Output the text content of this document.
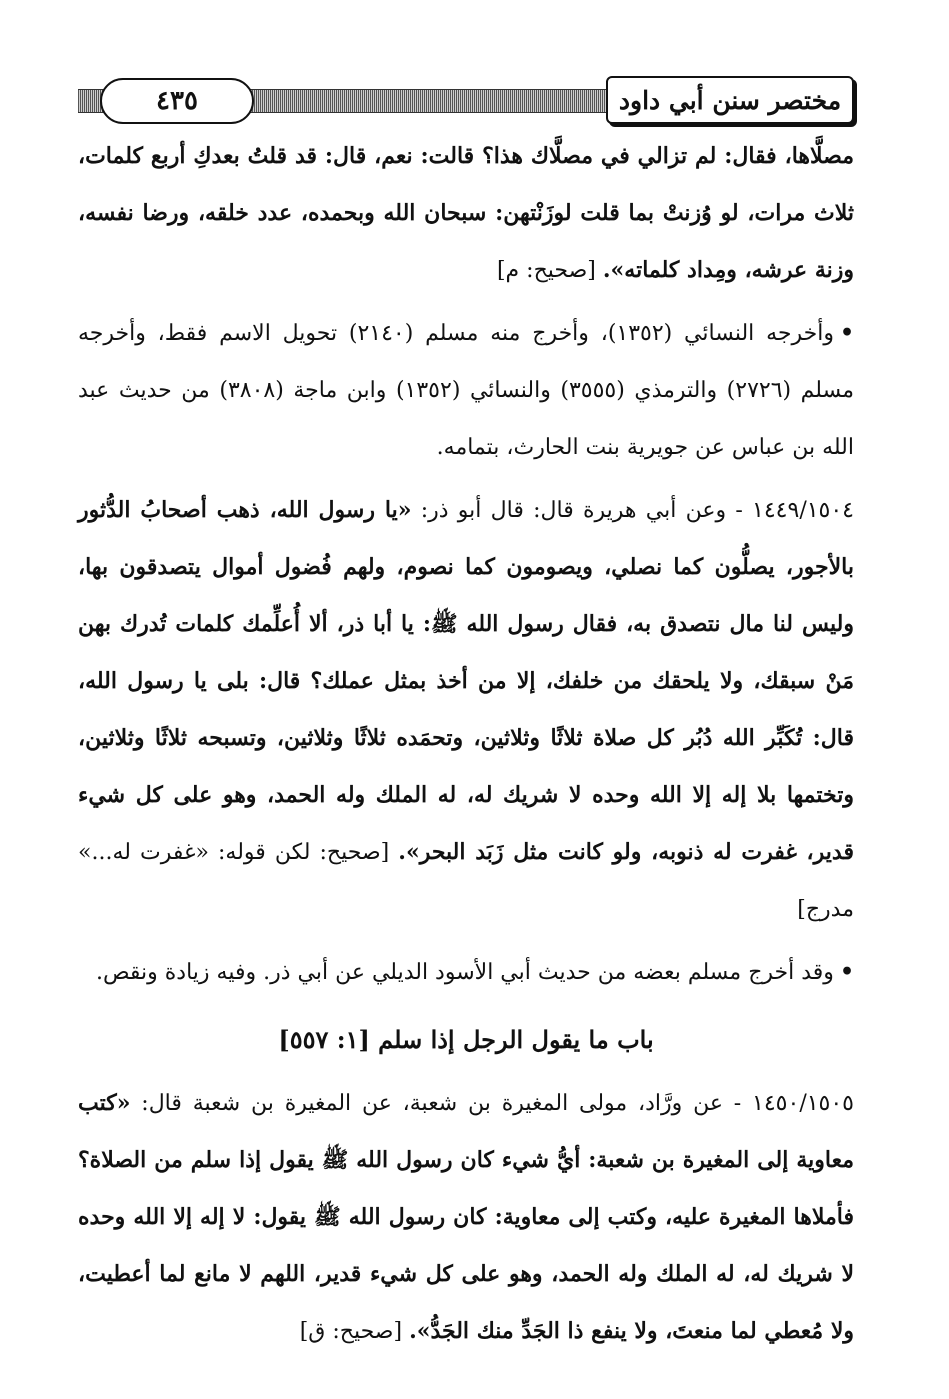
٤٣٥	مختصر سنن أبي داود

مصلَّاها، فقال: لم تزالي في مصلَّاك هذا؟ قالت: نعم، قال: قد قلتُ بعدكِ أربع كلمات، ثلاث مرات، لو وُزنتْ بما قلت لوزَنْتهن: سبحان الله وبحمده، عدد خلقه، ورضا نفسه، وزنة عرشه، ومِداد كلماته». [صحيح: م]

•وأخرجه النسائي (١٣٥٢)، وأخرج منه مسلم (٢١٤٠) تحويل الاسم فقط، وأخرجه مسلم (٢٧٢٦) والترمذي (٣٥٥٥) والنسائي (١٣٥٢) وابن ماجة (٣٨٠٨) من حديث عبد الله بن عباس عن جويرية بنت الحارث، بتمامه.

١٤٤٩/١٥٠٤ - وعن أبي هريرة قال: قال أبو ذر: «يا رسول الله، ذهب أصحابُ الدُّثور بالأجور، يصلُّون كما نصلي، ويصومون كما نصوم، ولهم فُضول أموال يتصدقون بها، وليس لنا مال نتصدق به، فقال رسول الله ﷺ: يا أبا ذر، ألا أُعلِّمك كلمات تُدرك بهن مَنْ سبقك، ولا يلحقك من خلفك، إلا من أخذ بمثل عملك؟ قال: بلى يا رسول الله، قال: تُكَبِّر الله دُبُر كل صلاة ثلاثًا وثلاثين، وتحمَده ثلاثًا وثلاثين، وتسبحه ثلاثًا وثلاثين، وتختمها بلا إله إلا الله وحده لا شريك له، له الملك وله الحمد، وهو على كل شيء قدير، غفرت له ذنوبه، ولو كانت مثل زَبَد البحر». [صحيح: لكن قوله: «غفرت له...» مدرج]

•وقد أخرج مسلم بعضه من حديث أبي الأسود الديلي عن أبي ذر. وفيه زيادة ونقص.

باب ما يقول الرجل إذا سلم [١: ٥٥٧]

١٤٥٠/١٥٠٥ - عن ورَّاد، مولى المغيرة بن شعبة، عن المغيرة بن شعبة قال: «كتب معاوية إلى المغيرة بن شعبة: أيُّ شيء كان رسول الله ﷺ يقول إذا سلم من الصلاة؟ فأملاها المغيرة عليه، وكتب إلى معاوية: كان رسول الله ﷺ يقول: لا إله إلا الله وحده لا شريك له، له الملك وله الحمد، وهو على كل شيء قدير، اللهم لا مانع لما أعطيت، ولا مُعطي لما منعتَ، ولا ينفع ذا الجَدِّ منك الجَدُّ». [صحيح: ق]
